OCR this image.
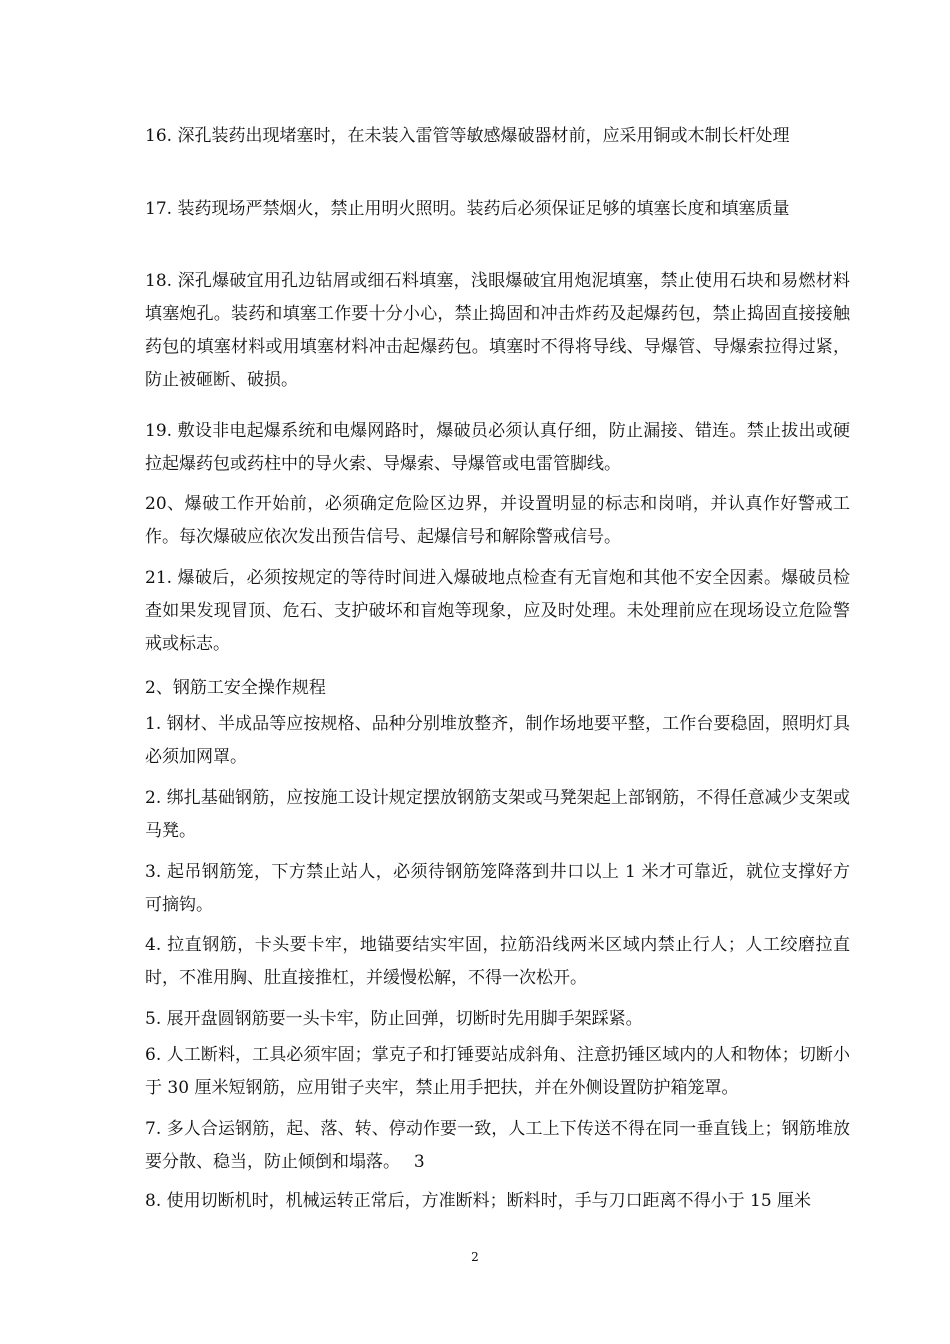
16. 深孔装药出现堵塞时，在未装入雷管等敏感爆破器材前，应采用铜或木制长杆处理

17. 装药现场严禁烟火，禁止用明火照明。装药后必须保证足够的填塞长度和填塞质量

18. 深孔爆破宜用孔边钻屑或细石料填塞，浅眼爆破宜用炮泥填塞，禁止使用石块和易燃材料填塞炮孔。装药和填塞工作要十分小心，禁止捣固和冲击炸药及起爆药包，禁止捣固直接接触药包的填塞材料或用填塞材料冲击起爆药包。填塞时不得将导线、导爆管、导爆索拉得过紧，防止被砸断、破损。

19. 敷设非电起爆系统和电爆网路时，爆破员必须认真仔细，防止漏接、错连。禁止拔出或硬拉起爆药包或药柱中的导火索、导爆索、导爆管或电雷管脚线。

20、爆破工作开始前，必须确定危险区边界，并设置明显的标志和岗哨，并认真作好警戒工作。每次爆破应依次发出预告信号、起爆信号和解除警戒信号。

21. 爆破后，必须按规定的等待时间进入爆破地点检查有无盲炮和其他不安全因素。爆破员检查如果发现冒顶、危石、支护破坏和盲炮等现象，应及时处理。未处理前应在现场设立危险警戒或标志。

2、钢筋工安全操作规程

1. 钢材、半成品等应按规格、品种分别堆放整齐，制作场地要平整，工作台要稳固，照明灯具必须加网罩。

2. 绑扎基础钢筋，应按施工设计规定摆放钢筋支架或马凳架起上部钢筋，不得任意减少支架或马凳。

3. 起吊钢筋笼，下方禁止站人，必须待钢筋笼降落到井口以上 1 米才可靠近，就位支撑好方可摘钩。

4. 拉直钢筋，卡头要卡牢，地锚要结实牢固，拉筋沿线两米区域内禁止行人；人工绞磨拉直时，不准用胸、肚直接推杠，并缓慢松解，不得一次松开。

5. 展开盘圆钢筋要一头卡牢，防止回弹，切断时先用脚手架踩紧。

6. 人工断料，工具必须牢固；掌克子和打锤要站成斜角、注意扔锤区域内的人和物体；切断小于 30 厘米短钢筋，应用钳子夹牢，禁止用手把扶，并在外侧设置防护箱笼罩。

7. 多人合运钢筋，起、落、转、停动作要一致，人工上下传送不得在同一垂直钱上；钢筋堆放要分散、稳当，防止倾倒和塌落。　 3

8. 使用切断机时，机械运转正常后，方准断料；断料时，手与刀口距离不得小于 15 厘米

2
